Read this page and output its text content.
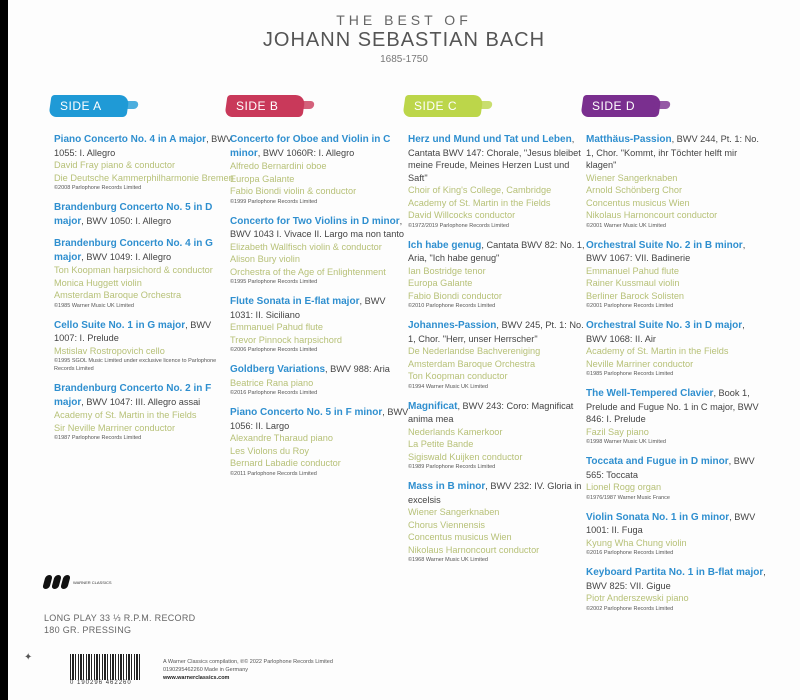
THE BEST OF
JOHANN SEBASTIAN BACH
1685-1750
SIDE A
Piano Concerto No. 4 in A major, BWV 1055: I. Allegro
David Fray piano & conductor
Die Deutsche Kammerphilharmonie Bremen
©2008 Parlophone Records Limited
Brandenburg Concerto No. 5 in D major, BWV 1050: I. Allegro
Brandenburg Concerto No. 4 in G major, BWV 1049: I. Allegro
Ton Koopman harpsichord & conductor
Monica Huggett violin
Amsterdam Baroque Orchestra
©1985 Warner Music UK Limited
Cello Suite No. 1 in G major, BWV 1007: I. Prelude
Mstislav Rostropovich cello
©1995 SGOL Music Limited under exclusive licence to Parlophone Records Limited
Brandenburg Concerto No. 2 in F major, BWV 1047: III. Allegro assai
Academy of St. Martin in the Fields
Sir Neville Marriner conductor
©1987 Parlophone Records Limited
SIDE B
Concerto for Oboe and Violin in C minor, BWV 1060R: I. Allegro
Alfredo Bernardini oboe
Europa Galante
Fabio Biondi violin & conductor
©1999 Parlophone Records Limited
Concerto for Two Violins in D minor, BWV 1043 I. Vivace II. Largo ma non tanto
Elizabeth Wallfisch violin & conductor
Alison Bury violin
Orchestra of the Age of Enlightenment
©1995 Parlophone Records Limited
Flute Sonata in E-flat major, BWV 1031: II. Siciliano
Emmanuel Pahud flute
Trevor Pinnock harpsichord
©2006 Parlophone Records Limited
Goldberg Variations, BWV 988: Aria
Beatrice Rana piano
©2016 Parlophone Records Limited
Piano Concerto No. 5 in F minor, BWV 1056: II. Largo
Alexandre Tharaud piano
Les Violons du Roy
Bernard Labadie conductor
©2011 Parlophone Records Limited
SIDE C
Herz und Mund und Tat und Leben, Cantata BWV 147: Chorale, "Jesus bleibet meine Freude, Meines Herzen Lust und Saft"
Choir of King's College, Cambridge
Academy of St. Martin in the Fields
David Willcocks conductor
©1972/2019 Parlophone Records Limited
Ich habe genug, Cantata BWV 82: No. 1, Aria, "Ich habe genug"
Ian Bostridge tenor
Europa Galante
Fabio Biondi conductor
©2010 Parlophone Records Limited
Johannes-Passion, BWV 245, Pt. 1: No. 1, Chor. "Herr, unser Herrscher"
De Nederlandse Bachvereniging
Amsterdam Baroque Orchestra
Ton Koopman conductor
©1994 Warner Music UK Limited
Magnificat, BWV 243: Coro: Magnificat anima mea
Nederlands Kamerkoor
La Petite Bande
Sigiswald Kuijken conductor
©1989 Parlophone Records Limited
Mass in B minor, BWV 232: IV. Gloria in excelsis
Wiener Sangerknaben
Chorus Viennensis
Concentus musicus Wien
Nikolaus Harnoncourt conductor
©1968 Warner Music UK Limited
SIDE D
Matthäus-Passion, BWV 244, Pt. 1: No. 1, Chor. "Kommt, ihr Töchter helft mir klagen"
Wiener Sangerknaben
Arnold Schönberg Chor
Concentus musicus Wien
Nikolaus Harnoncourt conductor
©2001 Warner Music UK Limited
Orchestral Suite No. 2 in B minor, BWV 1067: VII. Badinerie
Emmanuel Pahud flute
Rainer Kussmaul violin
Berliner Barock Solisten
©2001 Parlophone Records Limited
Orchestral Suite No. 3 in D major, BWV 1068: II. Air
Academy of St. Martin in the Fields
Neville Marriner conductor
©1985 Parlophone Records Limited
The Well-Tempered Clavier, Book 1, Prelude and Fugue No. 1 in C major, BWV 846: I. Prelude
Fazil Say piano
©1998 Warner Music UK Limited
Toccata and Fugue in D minor, BWV 565: Toccata
Lionel Rogg organ
©1976/1987 Warner Music France
Violin Sonata No. 1 in G minor, BWV 1001: II. Fuga
Kyung Wha Chung violin
©2016 Parlophone Records Limited
Keyboard Partita No. 1 in B-flat major, BWV 825: VII. Gigue
Piotr Anderszewski piano
©2002 Parlophone Records Limited
WARNER CLASSICS
LONG PLAY 33 ⅓ R.P.M. RECORD
180 GR. PRESSING
✦
0 190296 462260
A Warner Classics compilation, ℗© 2022 Parlophone Records Limited
0190295462260 Made in Germany
www.warnerclassics.com
